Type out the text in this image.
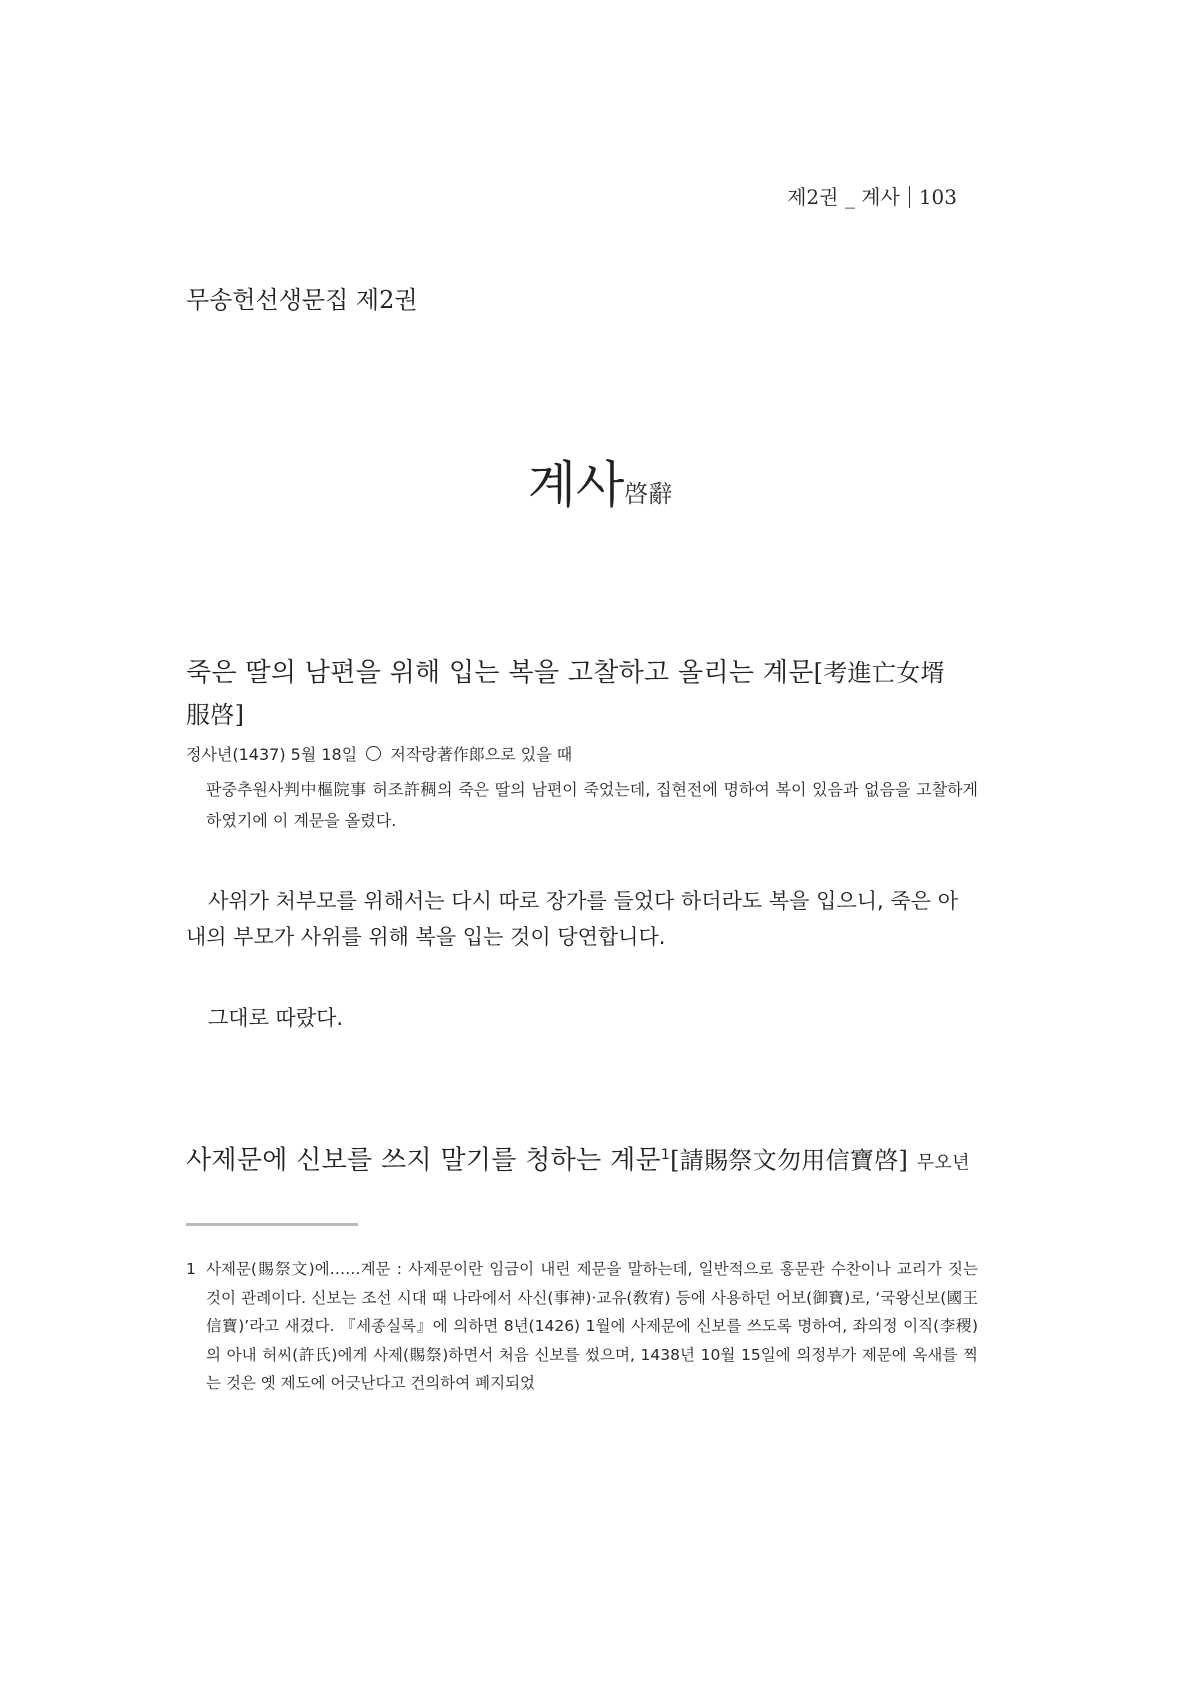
제2권 _ 계사 103
무송헌선생문집 제2권
계사啓辭
죽은 딸의 남편을 위해 입는 복을 고찰하고 올리는 계문[考進亡女壻服啓]
정사년(1437) 5월 18일 저작랑著作郞으로 있을 때
판중추원사判中樞院事 허조許稠의 죽은 딸의 남편이 죽었는데, 집현전에 명하여 복이 있음과 없음을 고찰하게 하였기에 이 계문을 올렸다.
사위가 처부모를 위해서는 다시 따로 장가를 들었다 하더라도 복을 입으니, 죽은 아내의 부모가 사위를 위해 복을 입는 것이 당연합니다.
그대로 따랐다.
사제문에 신보를 쓰지 말기를 청하는 계문$^1$[請賜祭文勿用信寶啓] 무오년
1 사제문(賜祭文)에……계문 : 사제문이란 임금이 내린 제문을 말하는데, 일반적으로 홍문관 수찬이나 교리가 짓는 것이 관례이다. 신보는 조선 시대 때 나라에서 사신(事神)·교유(敎宥) 등에 사용하던 어보(御寶)로, ‘국왕신보(國王信寶)’라고 새겼다. 『세종실록』에 의하면 8년(1426) 1월에 사제문에 신보를 쓰도록 명하여, 좌의정 이직(李稷)의 아내 허씨(許氏)에게 사제(賜祭)하면서 처음 신보를 썼으며, 1438년 10월 15일에 의정부가 제문에 옥새를 찍는 것은 옛 제도에 어긋난다고 건의하여 폐지되었
